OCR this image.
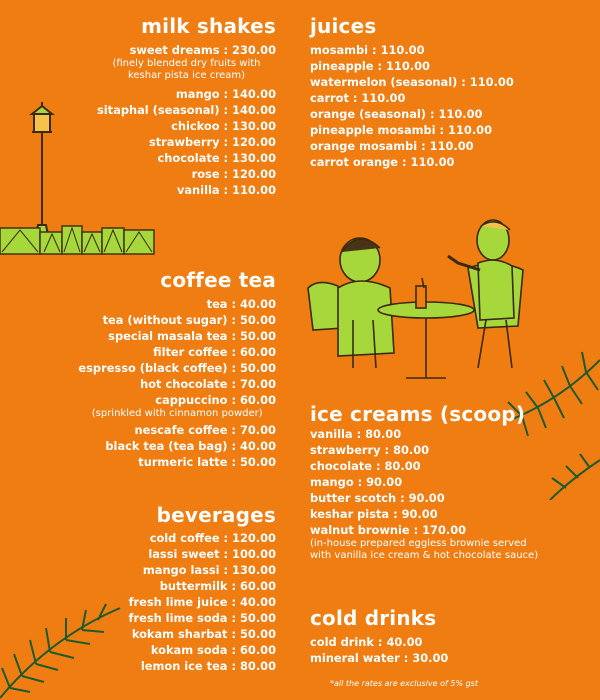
milk shakes
sweet dreams : 230.00
(finely blended dry fruits with
keshar pista ice cream)
mango : 140.00
sitaphal (seasonal) : 140.00
chickoo : 130.00
strawberry : 120.00
chocolate : 130.00
rose : 120.00
vanilla : 110.00
coffee tea
tea : 40.00
tea (without sugar) : 50.00
special masala tea : 50.00
filter coffee : 60.00
espresso (black coffee) : 50.00
hot chocolate : 70.00
cappuccino : 60.00
(sprinkled with cinnamon powder)
nescafe coffee : 70.00
black tea (tea bag) : 40.00
turmeric latte : 50.00
beverages
cold coffee : 120.00
lassi sweet : 100.00
mango lassi : 130.00
buttermilk : 60.00
fresh lime juice : 40.00
fresh lime soda : 50.00
kokam sharbat : 50.00
kokam soda : 60.00
lemon ice tea : 80.00
juices
mosambi : 110.00
pineapple : 110.00
watermelon (seasonal) : 110.00
carrot : 110.00
orange (seasonal) : 110.00
pineapple mosambi : 110.00
orange mosambi : 110.00
carrot orange : 110.00
ice creams (scoop)
vanilla : 80.00
strawberry : 80.00
chocolate : 80.00
mango : 90.00
butter scotch : 90.00
keshar pista : 90.00
walnut brownie : 170.00
(in-house prepared eggless brownie served
with vanilla ice cream & hot chocolate sauce)
cold drinks
cold drink : 40.00
mineral water : 30.00
*all the rates are exclusive of 5% gst
